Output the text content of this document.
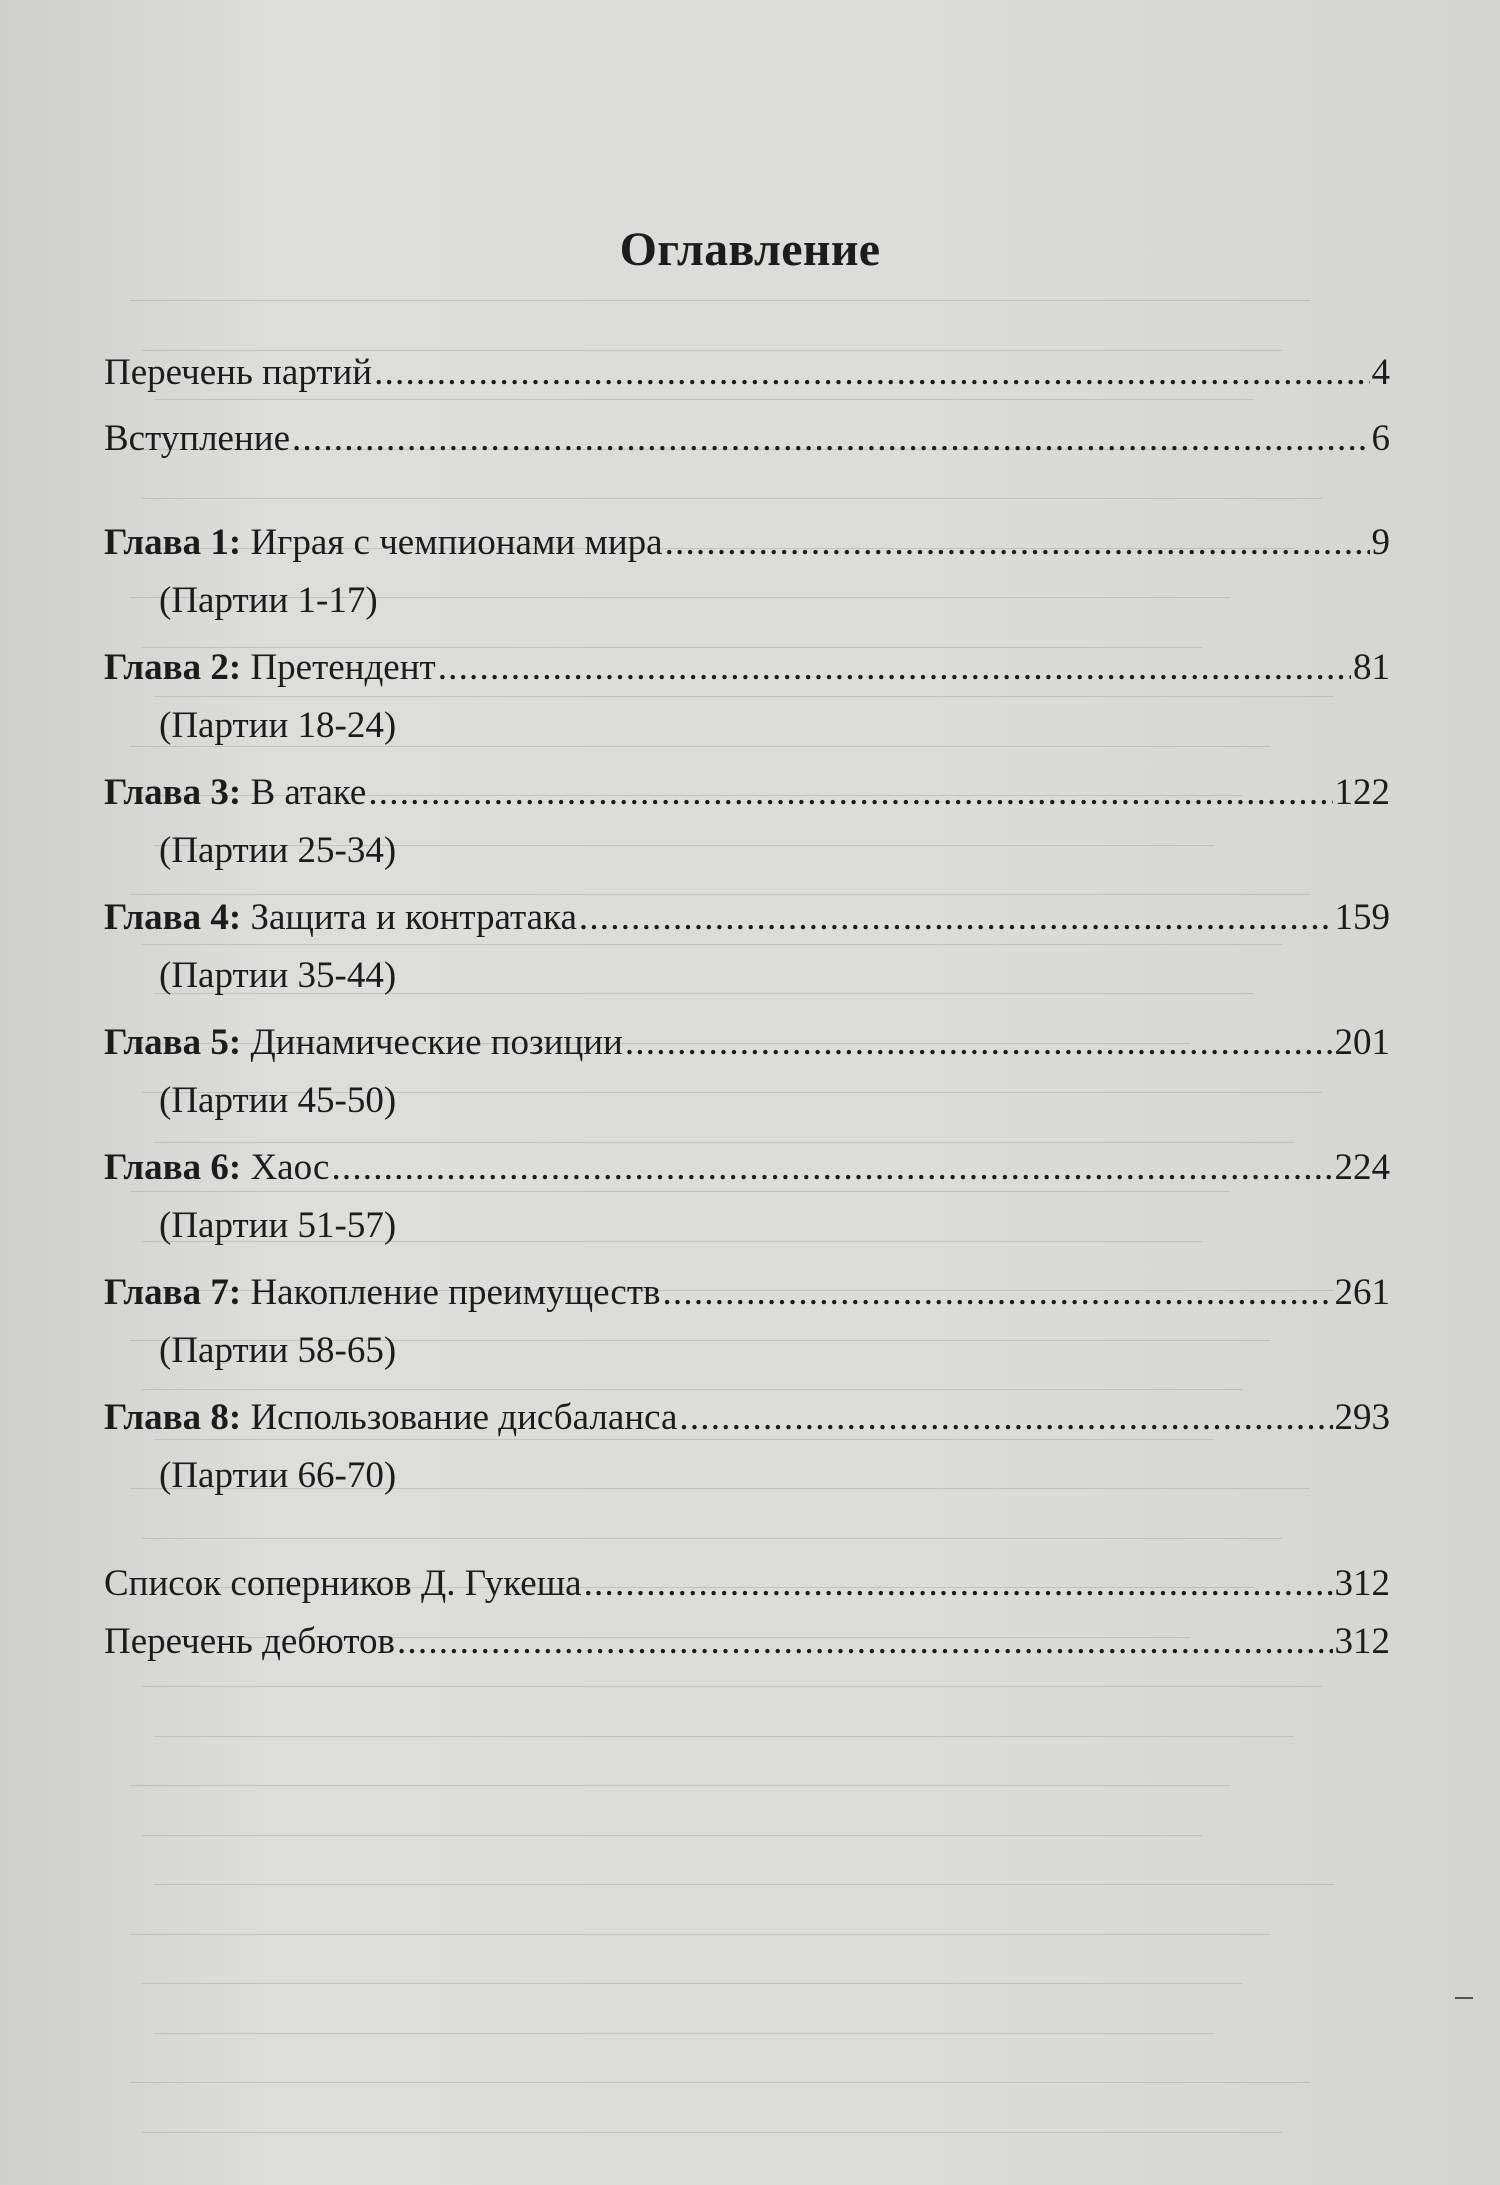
Оглавление
Перечень партий .....	4
Вступление .....	6
Глава 1: Играя с чемпионами мира .....	9
(Партии 1-17)
Глава 2: Претендент .....	81
(Партии 18-24)
Глава 3: В атаке .....	122
(Партии 25-34)
Глава 4: Защита и контратака .....	159
(Партии 35-44)
Глава 5: Динамические позиции .....	201
(Партии 45-50)
Глава 6: Хаос .....	224
(Партии 51-57)
Глава 7: Накопление преимуществ .....	261
(Партии 58-65)
Глава 8: Использование дисбаланса .....	293
(Партии 66-70)
Список соперников Д. Гукеша .....	312
Перечень дебютов .....	312
